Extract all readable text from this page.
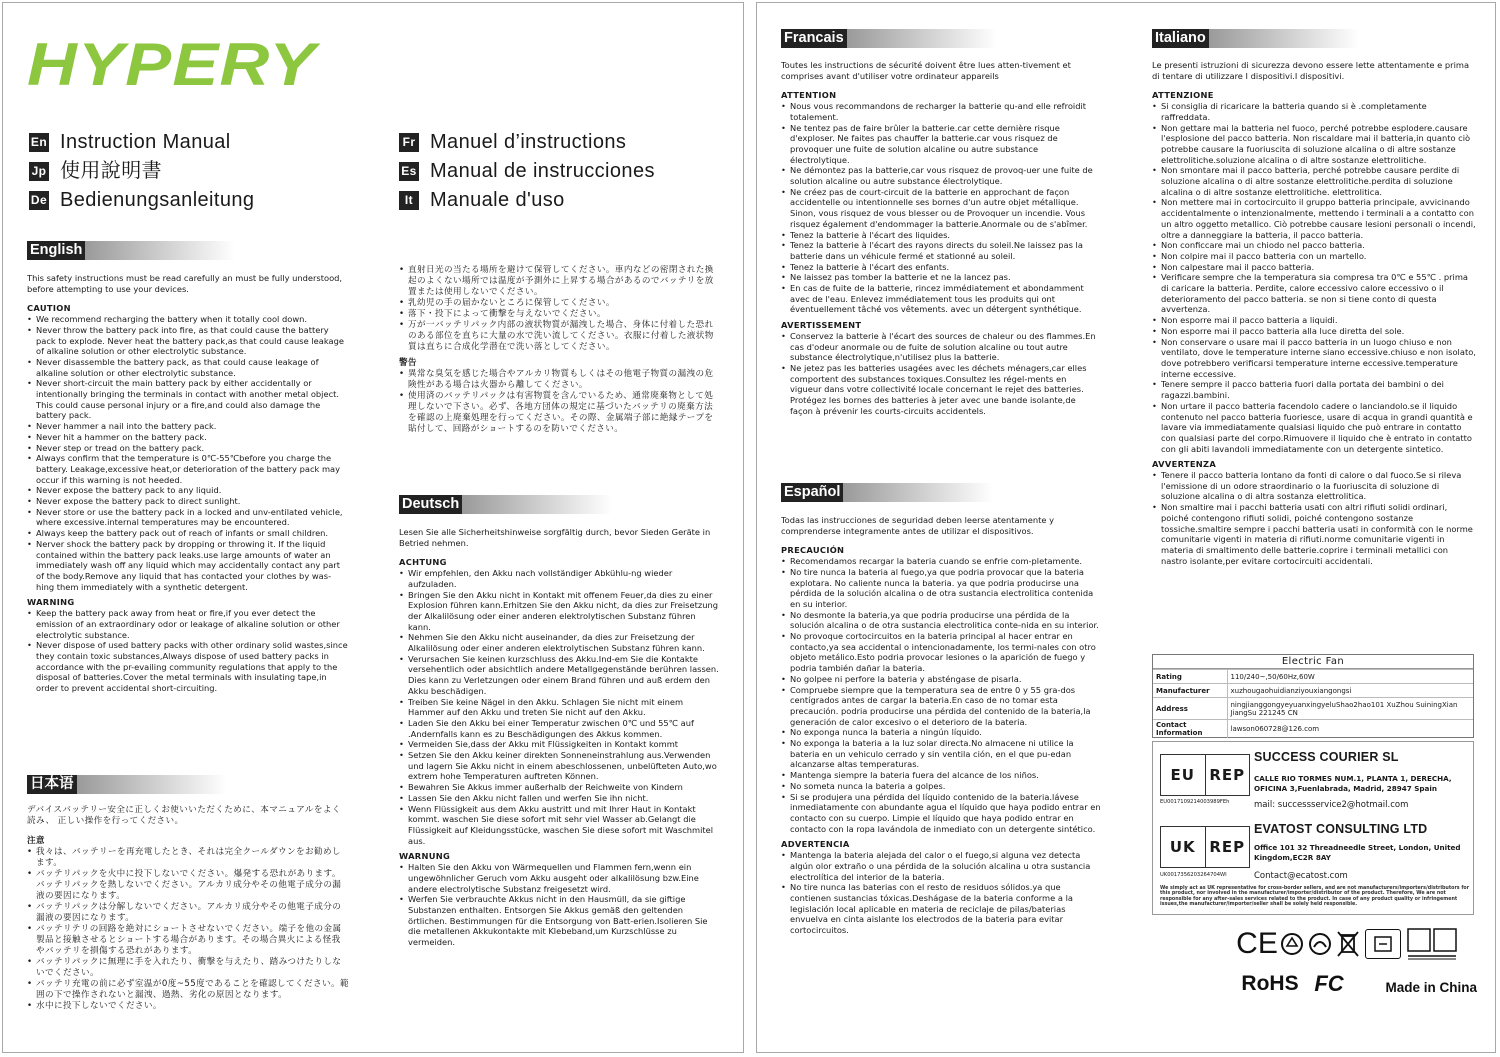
HYPERY
En Instruction Manual
Jp 使用說明書
De Bedienungsanleitung
Fr Manuel d’instructions
Es Manual de instrucciones
It Manuale d'uso
English
This safety instructions must be read carefully an must be fully understood, before attempting to use your devices.
CAUTION
• We recommend recharging the battery when it totally cool down.
• Never throw the battery pack into fire, as that could cause the battery pack to explode. Never heat the battery pack,as that could cause leakage of alkaline solution or other electrolytic substance.
• Never disassemble the battery pack, as that could cause leakage of alkaline solution or other electrolytic substance.
• Never short-circuit the main battery pack by either accidentally or intentionally bringing the terminals in contact with another metal object. This could cause personal injury or a fire,and could also damage the battery pack.
• Never hammer a nail into the battery pack.
• Never hit a hammer on the battery pack.
• Never step or tread on the battery pack.
• Always confirm that the temperature is 0℃-55℃before you charge the battery. Leakage,excessive heat,or deterioration of the battery pack may occur if this warning is not heeded.
• Never expose the battery pack to any liquid.
• Never expose the battery pack to direct sunlight.
• Never store or use the battery pack in a locked and unv-entilated vehicle, where excessive.internal temperatures may be encountered.
• Always keep the battery pack out of reach of infants or small children.
• Nerver shock the battery pack by dropping or throwing it. If the liquid contained within the battery pack leaks.use large amounts of water an immediately wash off any liquid which may accidentally contact any part of the body.Remove any liquid that has contacted your clothes by was-hing them immediately with a synthetic detergent.
WARNING
• Keep the battery pack away from heat or fire,if you ever detect the emission of an extraordinary odor or leakage of alkaline solution or other electrolytic substance.
• Never dispose of used battery packs with other ordinary solid wastes,since they contain toxic substances,Always dispose of used battery packs in accordance with the pr-evailing community regulations that apply to the disposal of batteries.Cover the metal terminals with insulating tape,in order to prevent accidental short-circuiting.
日本语
デバイスバッテリー安全に正しくお使いいただくために、本マニュアルをよく読み、 正しい操作を行ってください。
注意
• 我々は、バッテリーを再充電したとき、それは完全クールダウンをお勧めします。
• バッテリパックを火中に投下しないでください。爆発する恐れがあります。バッテリパックを熱しないでください。アルカリ成分やその他電子成分の漏液の要因になります。
• バッテリパックは分解しないでください。アルカリ成分やその他電子成分の漏液の要因になります。
• バッテリテリの回路を絶対にショートさせないでください。端子を他の金属製品と接触させるとショートする場合があります。その場合異火による怪我やバッテリを損傷する恐れがあります。
• バッテリパックに無理に手を入れたり、衝撃を与えたり、踏みつけたりしないでください。
• バッテリ充電の前に必ず室温が0度~55度であることを確認してください。範囲の下で操作されないと漏洩、過熱、劣化の原因となります。
• 水中に投下しないでください。
• 直射日光の当たる場所を避けて保管してください。車内などの密閉された換起のよくない場所では温度が予測外に上昇する場合があるのでバッテリを放置または使用しないでください。
• 乳幼児の手の届かないところに保管してください。
• 落下・投下によって衝撃を与えないでください。
• 万が一バッテリパック内部の液状物質が漏洩した場合、身体に付着した恐れのある部位を直ちに大量の水で洗い流してください。衣服に付着した液状物質は直ちに合成化学潜在で洗い落としてください。
警告
• 異常な臭気を感じた場合やアルカリ物質もしくはその他電子物質の漏洩の危険性がある場合は火器から離してください。
• 使用済のバッテリパックは有害物質を含んでいるため、通常廃棄物として処理しないで下さい。必ず、各地方団体の規定に基づいたバッテリの廃棄方法を確認の上廃棄処理を行ってください。その際、金属端子部に絶縁テープを貼付して、回路がショートするのを防いでください。
Deutsch
Lesen Sie alle Sicherheitshinweise sorgfältig durch, bevor Sieden Geräte in Betried nehmen.
ACHTUNG
• Wir empfehlen, den Akku nach vollständiger Abkühlu-ng wieder aufzuladen.
• Bringen Sie den Akku nicht in Kontakt mit offenem Feuer,da dies zu einer Explosion führen kann.Erhitzen Sie den Akku nicht, da dies zur Freisetzung der Alkalilösung oder einer anderen elektrolytischen Substanz führen kann.
• Nehmen Sie den Akku nicht auseinander, da dies zur Freisetzung der Alkalilösung oder einer anderen elektrolytischen Substanz führen kann.
• Verursachen Sie keinen kurzschluss des Akku.Ind-em Sie die Kontakte versehentlich oder absichtlich andere Metallgegenstände berühren lassen. Dies kann zu Verletzungen oder einem Brand führen und auß erdem den Akku beschädigen.
• Treiben Sie keine Nägel in den Akku. Schlagen Sie nicht mit einem Hammer auf den Akku und treten Sie nicht auf den Akku.
• Laden Sie den Akku bei einer Temperatur zwischen 0℃ und 55℃ auf .Andernfalls kann es zu Beschädigungen des Akkus kommen.
• Vermeiden Sie,dass der Akku mit Flüssigkeiten in Kontakt kommt
• Setzen Sie den Akku keiner direkten Sonneneinstrahlung aus.Verwenden und lagern Sie Akku nicht in einem abeschlossenen, unbelüfteten Auto,wo extrem hohe Temperaturen auftreten Können.
• Bewahren Sie Akkus immer außerhalb der Reichweite von Kindern
• Lassen Sie den Akku nicht fallen und werfen Sie ihn nicht.
• Wenn Flüssigkeit aus dem Akku austritt und mit Ihrer Haut in Kontakt kommt. waschen Sie diese sofort mit sehr viel Wasser ab.Gelangt die Flüssigkeit auf Kleidungsstücke, waschen Sie diese sofort mit Waschmitel aus.
WARNUNG
• Halten Sie den Akku von Wärmequellen und Flammen fern,wenn ein ungewöhnlicher Geruch vom Akku ausgeht oder alkalilösung bzw.Eine andere electrolytische Substanz freigesetzt wird.
• Werfen Sie verbrauchte Akkus nicht in den Hausmüll, da sie giftige Substanzen enthalten. Entsorgen Sie Akkus gemäß den geltenden örtlichen. Bestimmungen für die Entsorgung von Batt-erien.Isolieren Sie die metallenen Akkukontakte mit Klebeband,um Kurzschlüsse zu vermeiden.
Francais
Toutes les instructions de sécurité doivent être lues atten-tivement et comprises avant d'utiliser votre ordinateur appareils
ATTENTION
• Nous vous recommandons de recharger la batterie qu-and elle refroidit totalement.
• Ne tentez pas de faire brûler la batterie.car cette dernière risque d'exploser. Ne faites pas chauffer la batterie.car vous risquez de provoquer une fuite de solution alcaline ou autre substance électrolytique.
• Ne démontez pas la batterie,car vous risquez de provoq-uer une fuite de solution alcaline ou autre substance électrolytique.
• Ne créez pas de court-circuit de la batterie en approchant de façon accidentelle ou intentionnelle ses bornes d'un autre objet métallique. Sinon, vous risquez de vous blesser ou de Provoquer un incendie. Vous risquez également d'endommager la batterie.Anormale ou de s'abîmer.
• Tenez la batterie à l'écart des liquides.
• Tenez la batterie à l'écart des rayons directs du soleil.Ne laissez pas la batterie dans un véhicule fermé et stationné au soleil.
• Tenez la batterie à l'écart des enfants.
• Ne laissez pas tomber la batterie et ne la lancez pas.
• En cas de fuite de la batterie, rincez immédiatement et abondamment avec de l'eau. Enlevez immédiatement tous les produits qui ont éventuellement tâché vos vêtements. avec un détergent synthétique.
AVERTISSEMENT
• Conservez la batterie à l'écart des sources de chaleur ou des flammes.En cas d'odeur anormale ou de fuite de solution alcaline ou tout autre substance électrolytique,n'utilisez plus la batterie.
• Ne jetez pas les batteries usagées avec les déchets ménagers,car elles comportent des substances toxiques.Consultez les régel-ments en vigueur dans votre collectivité locale concernant le rejet des batteries. Protégez les bornes des batteries à jeter avec une bande isolante,de façon à prévenir les courts-circuits accidentels.
Español
Todas las instrucciones de seguridad deben leerse atentamente y comprenderse integramente antes de utilizar el dispositivos.
PRECAUCIÓN
• Recomendamos recargar la bateria cuando se enfrie com-pletamente.
• No tire nunca la bateria al fuego,ya que podria provocar que la bateria explotara. No caliente nunca la bateria. ya que podria producirse una pérdida de la solución alcalina o de otra sustancia electrolitica contenida en su interior.
• No desmonte la bateria,ya que podria producirse una pérdida de la solución alcalina o de otra sustancia electrolitica conte-nida en su interior.
• No provoque cortocircuitos en la bateria principal al hacer entrar en contacto,ya sea accidental o intencionadamente, los termi-nales con otro objeto metálico.Esto podria provocar lesiones o la aparición de fuego y podria también dañar la bateria.
• No golpee ni perfore la bateria y absténgase de pisarla.
• Compruebe siempre que la temperatura sea de entre 0 y 55 gra-dos centígrados antes de cargar la bateria.En caso de no tomar esta precaución. podria producirse una pérdida del contenido de la bateria,la generación de calor excesivo o el deterioro de la bateria.
• No exponga nunca la bateria a ningún líquido.
• No exponga la bateria a la luz solar directa.No almacene ni utilice la bateria en un vehiculo cerrado y sin ventila ción, en el que pu-edan alcanzarse altas temperaturas.
• Mantenga siempre la bateria fuera del alcance de los niños.
• No someta nunca la bateria a golpes.
• Si se produjera una pérdida del líquido contenido de la bateria.lávese inmediatamente con abundante agua el líquido que haya podido entrar en contacto con su cuerpo. Limpie el líquido que haya podido entrar en contacto con la ropa lavándola de inmediato con un detergente sintético.
ADVERTENCIA
• Mantenga la bateria alejada del calor o el fuego,si alguna vez detecta algún olor extraño o una pérdida de la solución alcalina u otra sustancia electrolítica del interior de la bateria.
• No tire nunca las baterias con el resto de residuos sólidos.ya que contienen sustancias tóxicas.Deshágase de la bateria conforme a la legislación local aplicable en materia de reciclaje de pilas/baterias envuelva en cinta aislante los electrodos de la bateria para evitar cortocircuitos.
Italiano
Le presenti istruzioni di sicurezza devono essere lette attentamente e prima di tentare di utilizzare I dispositivi.I dispositivi.
ATTENZIONE
• Si consiglia di ricaricare la batteria quando si è .completamente raffreddata.
• Non gettare mai la batteria nel fuoco, perché potrebbe esplodere.causare l'esplosione del pacco batteria. Non riscaldare mai il batteria,in quanto ciò potrebbe causare la fuoriuscita di soluzione alcalina o di altre sostanze elettrolitiche.soluzione alcalina o di altre sostanze elettrolitiche.
• Non smontare mai il pacco batteria, perché potrebbe causare perdite di soluzione alcalina o di altre sostanze elettrolitiche.perdita di soluzione alcalina o di altre sostanze elettrolitiche. elettrolitica.
• Non mettere mai in cortocircuito il gruppo batteria principale, avvicinando accidentalmente o intenzionalmente, mettendo i terminali a a contatto con un altro oggetto metallico. Ciò potrebbe causare lesioni personali o incendi, oltre a danneggiare la batteria, il pacco batteria.
• Non conficcare mai un chiodo nel pacco batteria.
• Non colpire mai il pacco batteria con un martello.
• Non calpestare mai il pacco batteria.
• Verificare sempre che la temperatura sia compresa tra 0℃ e 55℃ . prima di caricare la batteria. Perdite, calore eccessivo calore eccessivo o il deterioramento del pacco batteria. se non si tiene conto di questa avvertenza.
• Non esporre mai il pacco batteria a liquidi.
• Non esporre mai il pacco batteria alla luce diretta del sole.
• Non conservare o usare mai il pacco batteria in un luogo chiuso e non ventilato, dove le temperature interne siano eccessive.chiuso e non isolato, dove potrebbero verificarsi temperature interne eccessive.temperature interne eccessive.
• Tenere sempre il pacco batteria fuori dalla portata dei bambini o dei ragazzi.bambini.
• Non urtare il pacco batteria facendolo cadere o lanciandolo.se il liquido contenuto nel pacco batteria fuoriesce, usare di acqua in grandi quantità e lavare via immediatamente qualsiasi liquido che può entrare in contatto con qualsiasi parte del corpo.Rimuovere il liquido che è entrato in contatto con gli abiti lavandoli immediatamente con un detergente sintetico.
AVVERTENZA
• Tenere il pacco batteria lontano da fonti di calore o dal fuoco.Se si rileva l'emissione di un odore straordinario o la fuoriuscita di soluzione di soluzione alcalina o di altra sostanza elettrolitica.
• Non smaltire mai i pacchi batteria usati con altri rifiuti solidi ordinari, poiché contengono rifiuti solidi, poiché contengono sostanze tossiche.smaltire sempre i pacchi batteria usati in conformità con le norme comunitarie vigenti in materia di rifiuti.norme comunitarie vigenti in materia di smaltimento delle batterie.coprire i terminali metallici con nastro isolante,per evitare cortocircuiti accidentali.
Electric Fan
Rating	110/240~,50/60Hz,60W
Manufacturer	xuzhougaohuidianziyouxiangongsi
Address	ningjianggongyeyuanxingyeluShao2hao101 XuZhou SuiningXian JiangSu 221245 CN
Contact Information	lawson060728@126.com
EU REP
EU0017109214003989FEh
SUCCESS COURIER SL
CALLE RIO TORMES NUM.1, PLANTA 1, DERECHA, OFICINA 3,Fuenlabrada, Madrid, 28947 Spain
mail: successservice2@hotmail.com
UK REP
UK0017356203264704WI
EVATOST CONSULTING LTD
Office 101 32 Threadneedle Street, London, United Kingdom,EC2R 8AY
Contact@ecatost.com
We simply act as UK representative for cross-border sellers, and are not manufacturers/importers/distributors for this product, nor involved in the manufacturer/importer/distributor of the product. Therefore, We are not responsible for any after-sales services related to the product. In case of any product quality or infringement issues,the manufacturer/importer/seller shall be solely held responsible.
CE
RoHS FC	Made in China
